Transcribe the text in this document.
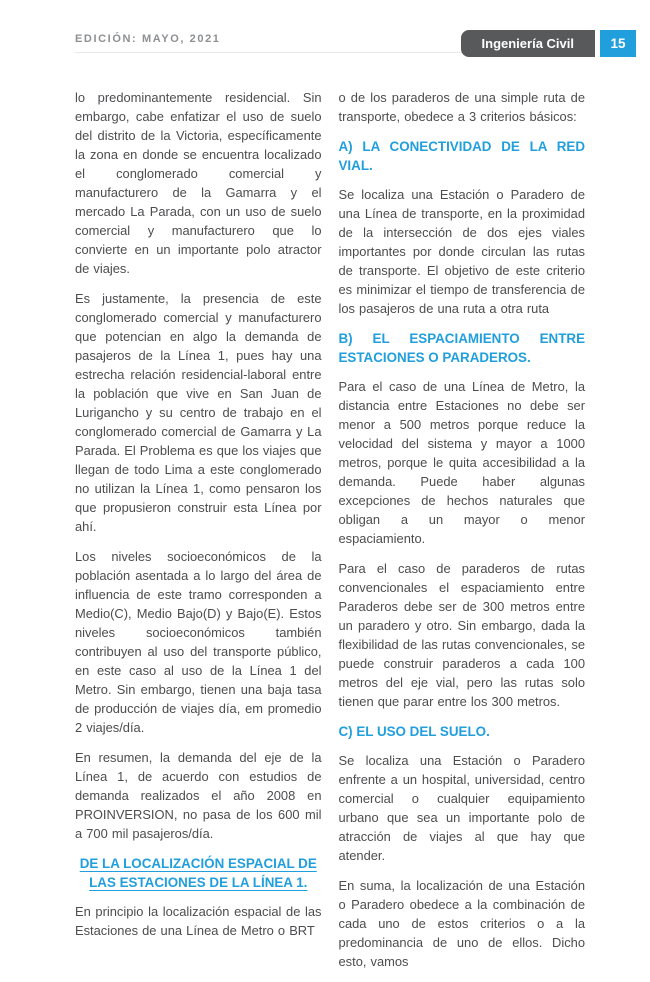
EDICIÓN: MAYO, 2021	Ingeniería Civil	15

lo predominantemente residencial. Sin embargo, cabe enfatizar el uso de suelo del distrito de la Victoria, específicamente la zona en donde se encuentra localizado el conglomerado comercial y manufacturero de la Gamarra y el mercado La Parada, con un uso de suelo comercial y manufacturero que lo convierte en un importante polo atractor de viajes.

Es justamente, la presencia de este conglomerado comercial y manufacturero que potencian en algo la demanda de pasajeros de la Línea 1, pues hay una estrecha relación residencial-laboral entre la población que vive en San Juan de Lurigancho y su centro de trabajo en el conglomerado comercial de Gamarra y La Parada. El Problema es que los viajes que llegan de todo Lima a este conglomerado no utilizan la Línea 1, como pensaron los que propusieron construir esta Línea por ahí.

Los niveles socioeconómicos de la población asentada a lo largo del área de influencia de este tramo corresponden a Medio(C), Medio Bajo(D) y Bajo(E). Estos niveles socioeconómicos también contribuyen al uso del transporte público, en este caso al uso de la Línea 1 del Metro. Sin embargo, tienen una baja tasa de producción de viajes día, em promedio 2 viajes/día.

En resumen, la demanda del eje de la Línea 1, de acuerdo con estudios de demanda realizados el año 2008 en PROINVERSION, no pasa de los 600 mil a 700 mil pasajeros/día.

DE LA LOCALIZACIÓN ESPACIAL DE LAS ESTACIONES DE LA LÍNEA 1.

En principio la localización espacial de las Estaciones de una Línea de Metro o BRT

o de los paraderos de una simple ruta de transporte, obedece a 3 criterios básicos:

A) LA CONECTIVIDAD DE LA RED VIAL.

Se localiza una Estación o Paradero de una Línea de transporte, en la proximidad de la intersección de dos ejes viales importantes por donde circulan las rutas de transporte. El objetivo de este criterio es minimizar el tiempo de transferencia de los pasajeros de una ruta a otra ruta

B) EL ESPACIAMIENTO ENTRE ESTACIONES O PARADEROS.

Para el caso de una Línea de Metro, la distancia entre Estaciones no debe ser menor a 500 metros porque reduce la velocidad del sistema y mayor a 1000 metros, porque le quita accesibilidad a la demanda. Puede haber algunas excepciones de hechos naturales que obligan a un mayor o menor espaciamiento.

Para el caso de paraderos de rutas convencionales el espaciamiento entre Paraderos debe ser de 300 metros entre un paradero y otro. Sin embargo, dada la flexibilidad de las rutas convencionales, se puede construir paraderos a cada 100 metros del eje vial, pero las rutas solo tienen que parar entre los 300 metros.

C) EL USO DEL SUELO.

Se localiza una Estación o Paradero enfrente a un hospital, universidad, centro comercial o cualquier equipamiento urbano que sea un importante polo de atracción de viajes al que hay que atender.

En suma, la localización de una Estación o Paradero obedece a la combinación de cada uno de estos criterios o a la predominancia de uno de ellos. Dicho esto, vamos
